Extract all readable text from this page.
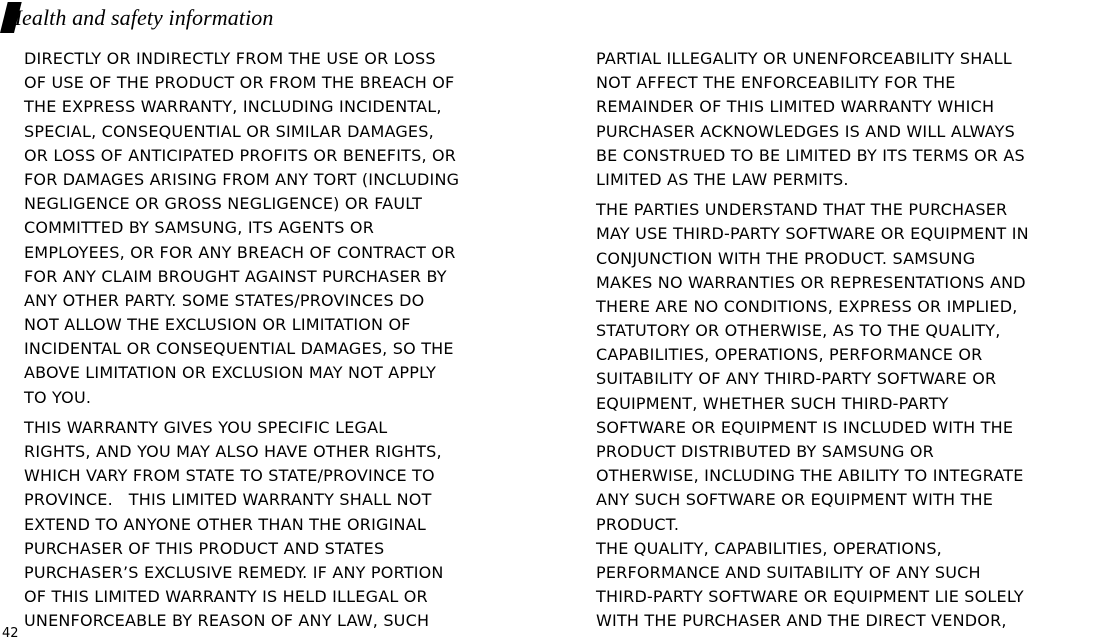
Health and safety information
DIRECTLY OR INDIRECTLY FROM THE USE OR LOSS
OF USE OF THE PRODUCT OR FROM THE BREACH OF
THE EXPRESS WARRANTY, INCLUDING INCIDENTAL,
SPECIAL, CONSEQUENTIAL OR SIMILAR DAMAGES,
OR LOSS OF ANTICIPATED PROFITS OR BENEFITS, OR
FOR DAMAGES ARISING FROM ANY TORT (INCLUDING
NEGLIGENCE OR GROSS NEGLIGENCE) OR FAULT
COMMITTED BY SAMSUNG, ITS AGENTS OR
EMPLOYEES, OR FOR ANY BREACH OF CONTRACT OR
FOR ANY CLAIM BROUGHT AGAINST PURCHASER BY
ANY OTHER PARTY. SOME STATES/PROVINCES DO
NOT ALLOW THE EXCLUSION OR LIMITATION OF
INCIDENTAL OR CONSEQUENTIAL DAMAGES, SO THE
ABOVE LIMITATION OR EXCLUSION MAY NOT APPLY
TO YOU.
THIS WARRANTY GIVES YOU SPECIFIC LEGAL
RIGHTS, AND YOU MAY ALSO HAVE OTHER RIGHTS,
WHICH VARY FROM STATE TO STATE/PROVINCE TO
PROVINCE.   THIS LIMITED WARRANTY SHALL NOT
EXTEND TO ANYONE OTHER THAN THE ORIGINAL
PURCHASER OF THIS PRODUCT AND STATES
PURCHASER’S EXCLUSIVE REMEDY. IF ANY PORTION
OF THIS LIMITED WARRANTY IS HELD ILLEGAL OR
UNENFORCEABLE BY REASON OF ANY LAW, SUCH
PARTIAL ILLEGALITY OR UNENFORCEABILITY SHALL
NOT AFFECT THE ENFORCEABILITY FOR THE
REMAINDER OF THIS LIMITED WARRANTY WHICH
PURCHASER ACKNOWLEDGES IS AND WILL ALWAYS
BE CONSTRUED TO BE LIMITED BY ITS TERMS OR AS
LIMITED AS THE LAW PERMITS.
THE PARTIES UNDERSTAND THAT THE PURCHASER
MAY USE THIRD-PARTY SOFTWARE OR EQUIPMENT IN
CONJUNCTION WITH THE PRODUCT. SAMSUNG
MAKES NO WARRANTIES OR REPRESENTATIONS AND
THERE ARE NO CONDITIONS, EXPRESS OR IMPLIED,
STATUTORY OR OTHERWISE, AS TO THE QUALITY,
CAPABILITIES, OPERATIONS, PERFORMANCE OR
SUITABILITY OF ANY THIRD-PARTY SOFTWARE OR
EQUIPMENT, WHETHER SUCH THIRD-PARTY
SOFTWARE OR EQUIPMENT IS INCLUDED WITH THE
PRODUCT DISTRIBUTED BY SAMSUNG OR
OTHERWISE, INCLUDING THE ABILITY TO INTEGRATE
ANY SUCH SOFTWARE OR EQUIPMENT WITH THE
PRODUCT.
THE QUALITY, CAPABILITIES, OPERATIONS,
PERFORMANCE AND SUITABILITY OF ANY SUCH
THIRD-PARTY SOFTWARE OR EQUIPMENT LIE SOLELY
WITH THE PURCHASER AND THE DIRECT VENDOR,
42
